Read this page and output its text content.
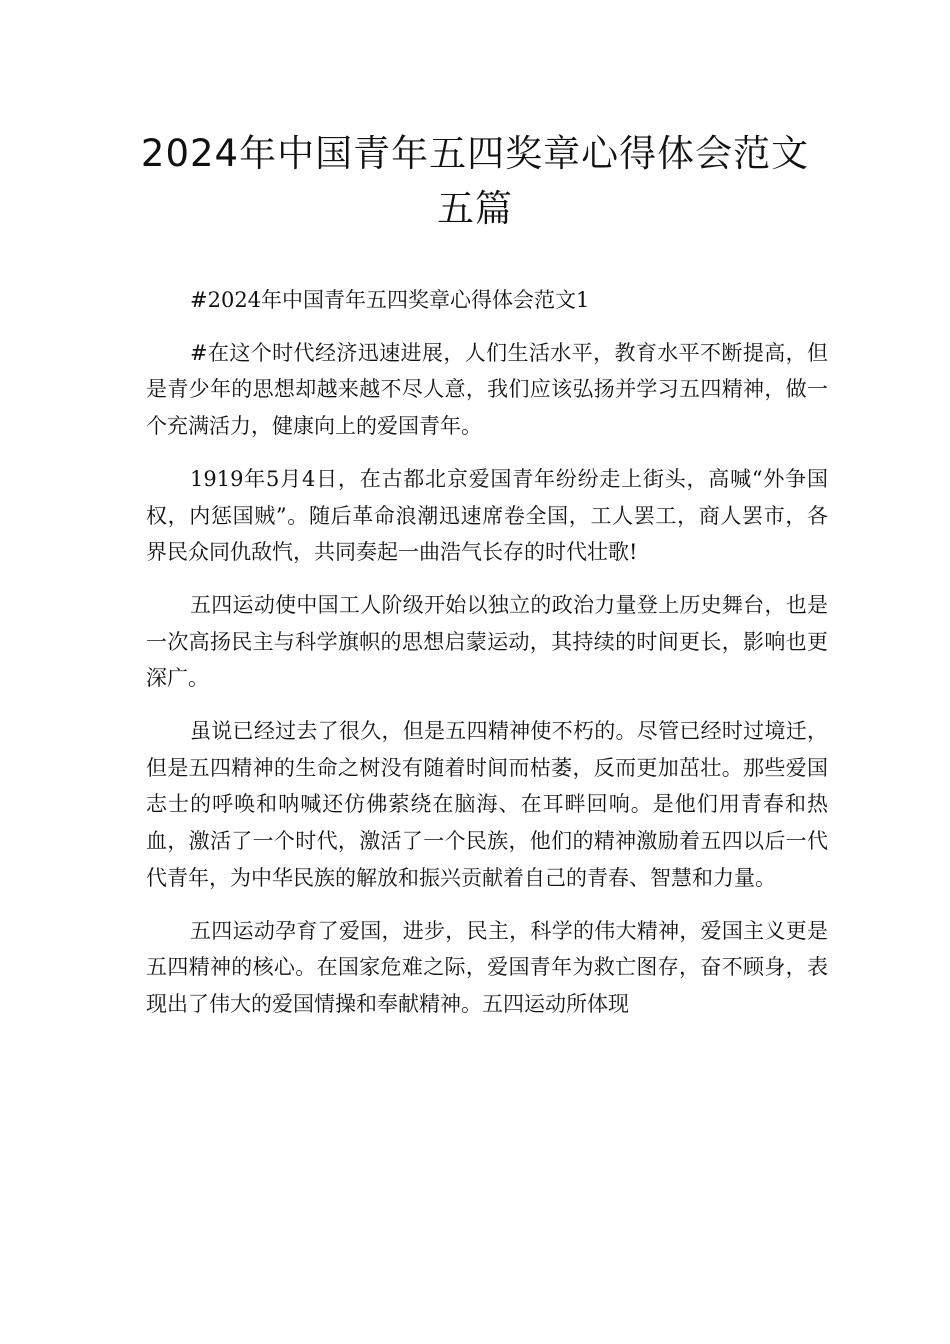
2024年中国青年五四奖章心得体会范文
五篇

#2024年中国青年五四奖章心得体会范文1

#在这个时代经济迅速进展，人们生活水平，教育水平不断提高，但是青少年的思想却越来越不尽人意，我们应该弘扬并学习五四精神，做一个充满活力，健康向上的爱国青年。

1919年5月4日，在古都北京爱国青年纷纷走上街头，高喊“外争国权，内惩国贼”。随后革命浪潮迅速席卷全国，工人罢工，商人罢市，各界民众同仇敌忾，共同奏起一曲浩气长存的时代壮歌!

五四运动使中国工人阶级开始以独立的政治力量登上历史舞台，也是一次高扬民主与科学旗帜的思想启蒙运动，其持续的时间更长，影响也更深广。

虽说已经过去了很久，但是五四精神使不朽的。尽管已经时过境迁，但是五四精神的生命之树没有随着时间而枯萎，反而更加茁壮。那些爱国志士的呼唤和呐喊还仿佛萦绕在脑海、在耳畔回响。是他们用青春和热血，激活了一个时代，激活了一个民族，他们的精神激励着五四以后一代代青年，为中华民族的解放和振兴贡献着自己的青春、智慧和力量。

五四运动孕育了爱国，进步，民主，科学的伟大精神，爱国主义更是五四精神的核心。在国家危难之际，爱国青年为救亡图存，奋不顾身，表现出了伟大的爱国情操和奉献精神。五四运动所体现
